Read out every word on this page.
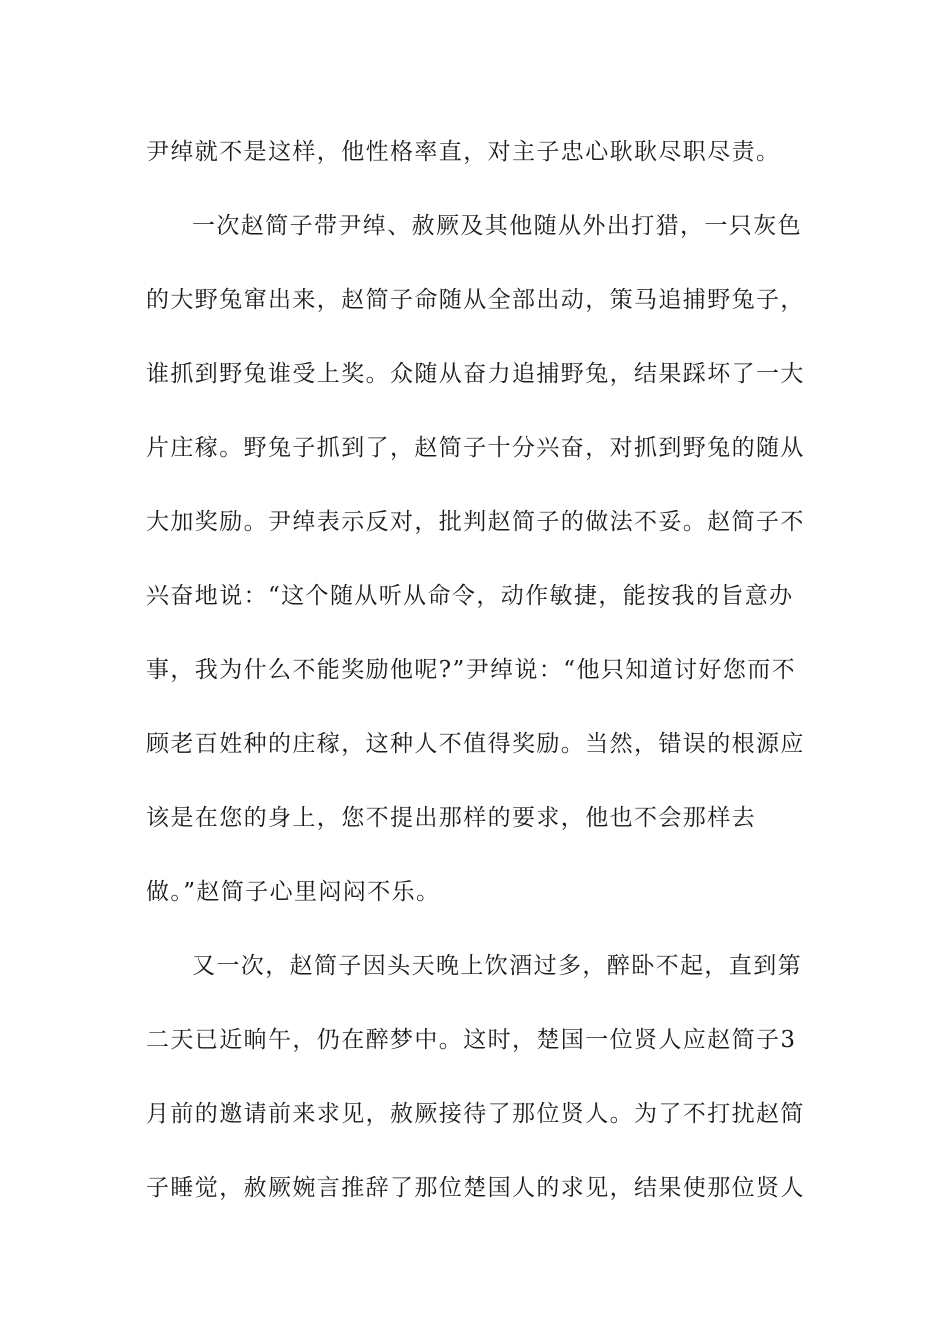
尹绰就不是这样，他性格率直，对主子忠心耿耿尽职尽责。
一次赵简子带尹绰、赦厥及其他随从外出打猎，一只灰色
的大野兔窜出来，赵简子命随从全部出动，策马追捕野兔子，
谁抓到野兔谁受上奖。众随从奋力追捕野兔，结果踩坏了一大
片庄稼。野兔子抓到了，赵简子十分兴奋，对抓到野兔的随从
大加奖励。尹绰表示反对，批判赵简子的做法不妥。赵简子不
兴奋地说：“这个随从听从命令，动作敏捷，能按我的旨意办
事，我为什么不能奖励他呢?”尹绰说：“他只知道讨好您而不
顾老百姓种的庄稼，这种人不值得奖励。当然，错误的根源应
该是在您的身上，您不提出那样的要求，他也不会那样去
做。”赵简子心里闷闷不乐。
又一次，赵简子因头天晚上饮酒过多，醉卧不起，直到第
二天已近晌午，仍在醉梦中。这时，楚国一位贤人应赵简子3
月前的邀请前来求见，赦厥接待了那位贤人。为了不打扰赵简
子睡觉，赦厥婉言推辞了那位楚国人的求见，结果使那位贤人
